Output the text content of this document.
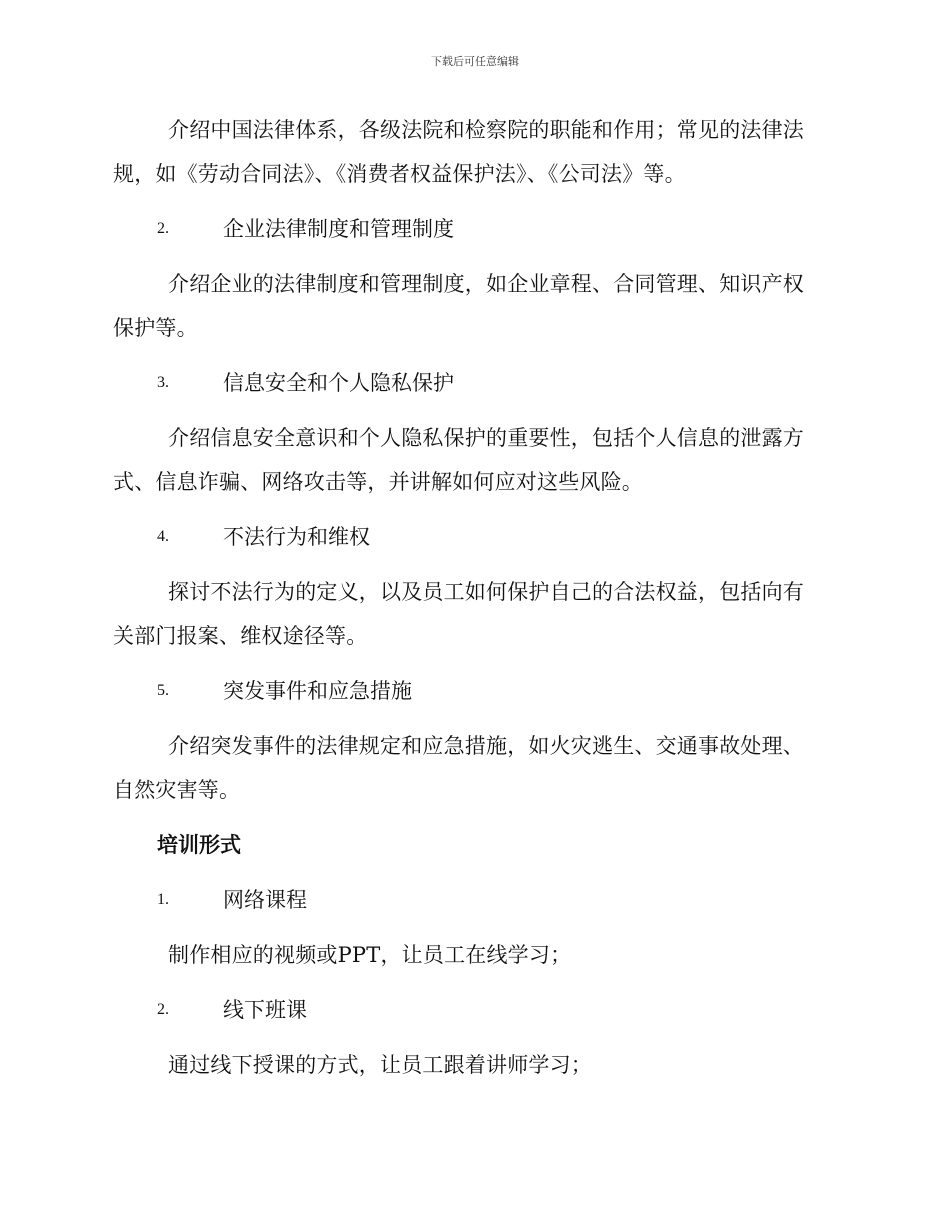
下载后可任意编辑

介绍中国法律体系，各级法院和检察院的职能和作用；常见的法律法规，如《劳动合同法》、《消费者权益保护法》、《公司法》等。

2.	企业法律制度和管理制度

介绍企业的法律制度和管理制度，如企业章程、合同管理、知识产权保护等。

3.	信息安全和个人隐私保护

介绍信息安全意识和个人隐私保护的重要性，包括个人信息的泄露方式、信息诈骗、网络攻击等，并讲解如何应对这些风险。

4.	不法行为和维权

探讨不法行为的定义，以及员工如何保护自己的合法权益，包括向有关部门报案、维权途径等。

5.	突发事件和应急措施

介绍突发事件的法律规定和应急措施，如火灾逃生、交通事故处理、自然灾害等。

培训形式
1.	网络课程

制作相应的视频或PPT，让员工在线学习；

2.	线下班课

通过线下授课的方式，让员工跟着讲师学习；
